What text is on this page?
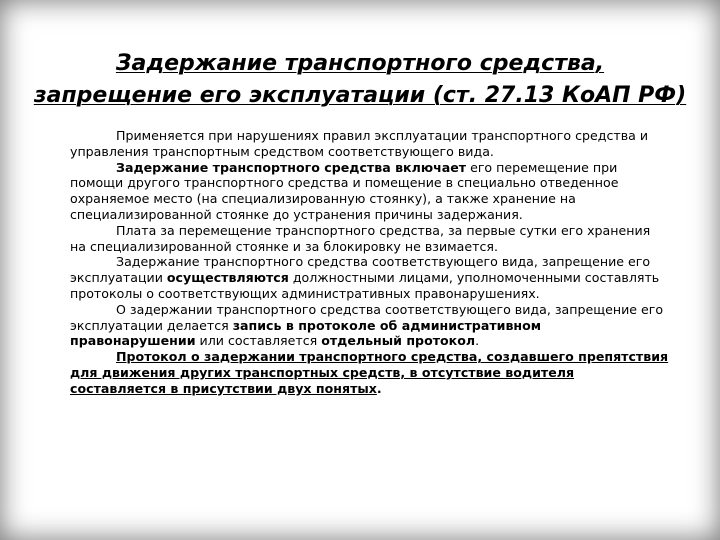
Задержание транспортного средства,
запрещение его эксплуатации (ст. 27.13 КоАП РФ)

Применяется при нарушениях правил эксплуатации транспортного средства и управления транспортным средством соответствующего вида.

Задержание транспортного средства включает его перемещение при помощи другого транспортного средства и помещение в специально отведенное охраняемое место (на специализированную стоянку), а также хранение на специализированной стоянке до устранения причины задержания.

Плата за перемещение транспортного средства, за первые сутки его хранения на специализированной стоянке и за блокировку не взимается.

Задержание транспортного средства соответствующего вида, запрещение его эксплуатации осуществляются должностными лицами, уполномоченными составлять протоколы о соответствующих административных правонарушениях.

О задержании транспортного средства соответствующего вида, запрещение его эксплуатации делается запись в протоколе об административном правонарушении или составляется отдельный протокол.

Протокол о задержании транспортного средства, создавшего препятствия для движения других транспортных средств, в отсутствие водителя составляется в присутствии двух понятых.
